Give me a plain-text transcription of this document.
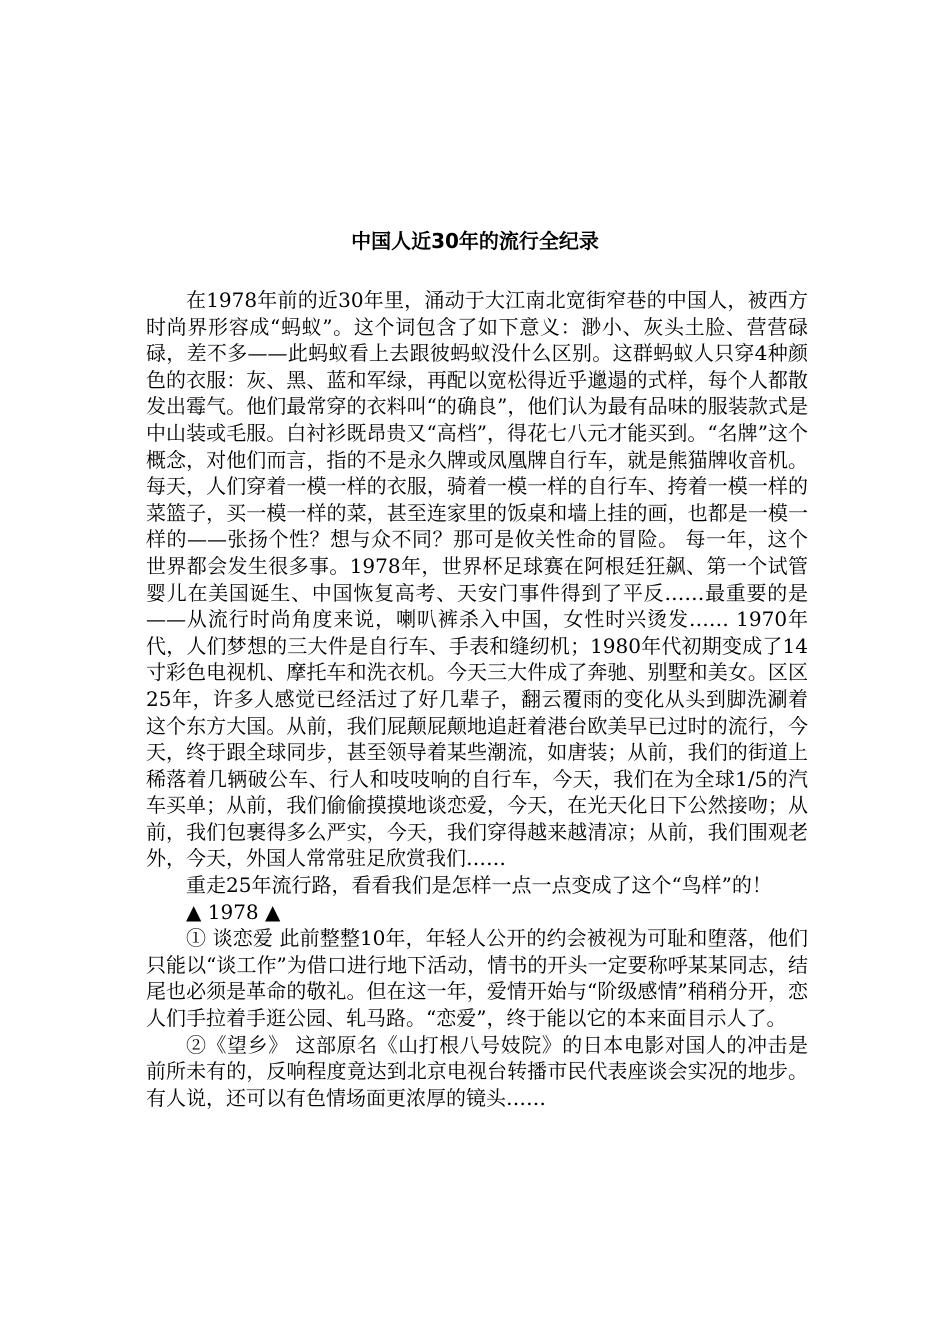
中国人近30年的流行全纪录

在1978年前的近30年里，涌动于大江南北宽街窄巷的中国人，被西方时尚界形容成“蚂蚁”。这个词包含了如下意义：渺小、灰头土脸、营营碌碌，差不多——此蚂蚁看上去跟彼蚂蚁没什么区别。这群蚂蚁人只穿4种颜色的衣服：灰、黑、蓝和军绿，再配以宽松得近乎邋遢的式样，每个人都散发出霉气。他们最常穿的衣料叫“的确良”，他们认为最有品味的服装款式是中山装或毛服。白衬衫既昂贵又“高档”，得花七八元才能买到。“名牌”这个概念，对他们而言，指的不是永久牌或凤凰牌自行车，就是熊猫牌收音机。每天，人们穿着一模一样的衣服，骑着一模一样的自行车、挎着一模一样的菜篮子，买一模一样的菜，甚至连家里的饭桌和墙上挂的画，也都是一模一样的——张扬个性？想与众不同？那可是攸关性命的冒险。 每一年，这个世界都会发生很多事。1978年，世界杯足球赛在阿根廷狂飙、第一个试管婴儿在美国诞生、中国恢复高考、天安门事件得到了平反……最重要的是——从流行时尚角度来说，喇叭裤杀入中国，女性时兴烫发…… 1970年代，人们梦想的三大件是自行车、手表和缝纫机；1980年代初期变成了14寸彩色电视机、摩托车和洗衣机。今天三大件成了奔驰、别墅和美女。区区25年，许多人感觉已经活过了好几辈子，翻云覆雨的变化从头到脚洗涮着这个东方大国。从前，我们屁颠屁颠地追赶着港台欧美早已过时的流行，今天，终于跟全球同步，甚至领导着某些潮流，如唐装；从前，我们的街道上稀落着几辆破公车、行人和吱吱响的自行车，今天，我们在为全球1/5的汽车买单；从前，我们偷偷摸摸地谈恋爱，今天，在光天化日下公然接吻；从前，我们包裹得多么严实，今天，我们穿得越来越清凉；从前，我们围观老外，今天，外国人常常驻足欣赏我们……

重走25年流行路，看看我们是怎样一点一点变成了这个“鸟样”的！

▲ 1978 ▲

① 谈恋爱 此前整整10年，年轻人公开的约会被视为可耻和堕落，他们只能以“谈工作”为借口进行地下活动，情书的开头一定要称呼某某同志，结尾也必须是革命的敬礼。但在这一年，爱情开始与“阶级感情”稍稍分开，恋人们手拉着手逛公园、轧马路。“恋爱”，终于能以它的本来面目示人了。

②《望乡》 这部原名《山打根八号妓院》的日本电影对国人的冲击是前所未有的，反响程度竟达到北京电视台转播市民代表座谈会实况的地步。有人说，还可以有色情场面更浓厚的镜头……
